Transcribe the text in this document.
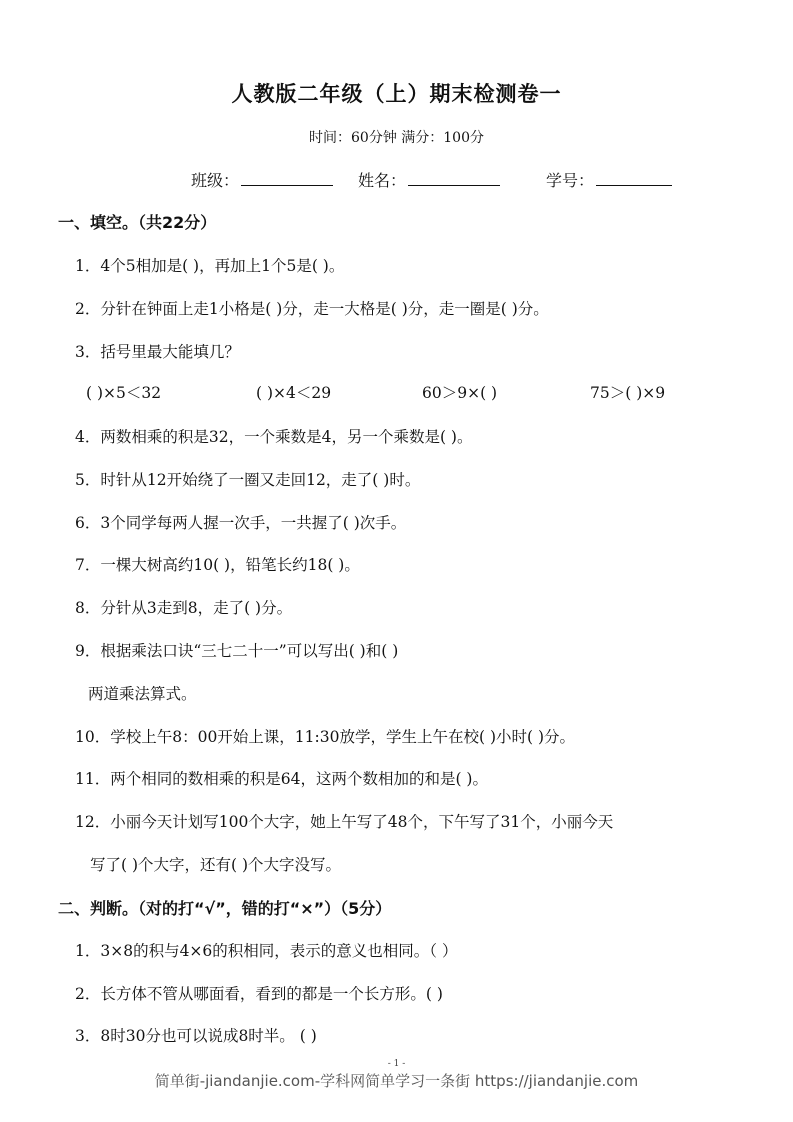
人教版二年级（上）期末检测卷一
时间：60分钟 满分：100分
班级：	姓名：	学号：
一、填空。（共22分）
1．4个5相加是( )，再加上1个5是( )。
2．分针在钟面上走1小格是( )分，走一大格是( )分，走一圈是( )分。
3．括号里最大能填几？
( )×5＜32	( )×4＜29	60＞9×( )	75＞( )×9
4．两数相乘的积是32，一个乘数是4，另一个乘数是( )。
5．时针从12开始绕了一圈又走回12，走了( )时。
6．3个同学每两人握一次手，一共握了( )次手。
7．一棵大树高约10( )，铅笔长约18( )。
8．分针从3走到8，走了( )分。
9．根据乘法口诀“三七二十一”可以写出( )和( )
两道乘法算式。
10．学校上午8：00开始上课，11:30放学，学生上午在校( )小时( )分。
11．两个相同的数相乘的积是64，这两个数相加的和是( )。
12．小丽今天计划写100个大字，她上午写了48个，下午写了31个，小丽今天
写了( )个大字，还有( )个大字没写。
二、判断。（对的打“√”，错的打“×”）（5分）
1．3×8的积与4×6的积相同，表示的意义也相同。（ ）
2．长方体不管从哪面看，看到的都是一个长方形。( )
3．8时30分也可以说成8时半。 ( )
- 1 -
简单街-jiandanjie.com-学科网简单学习一条街 https://jiandanjie.com
